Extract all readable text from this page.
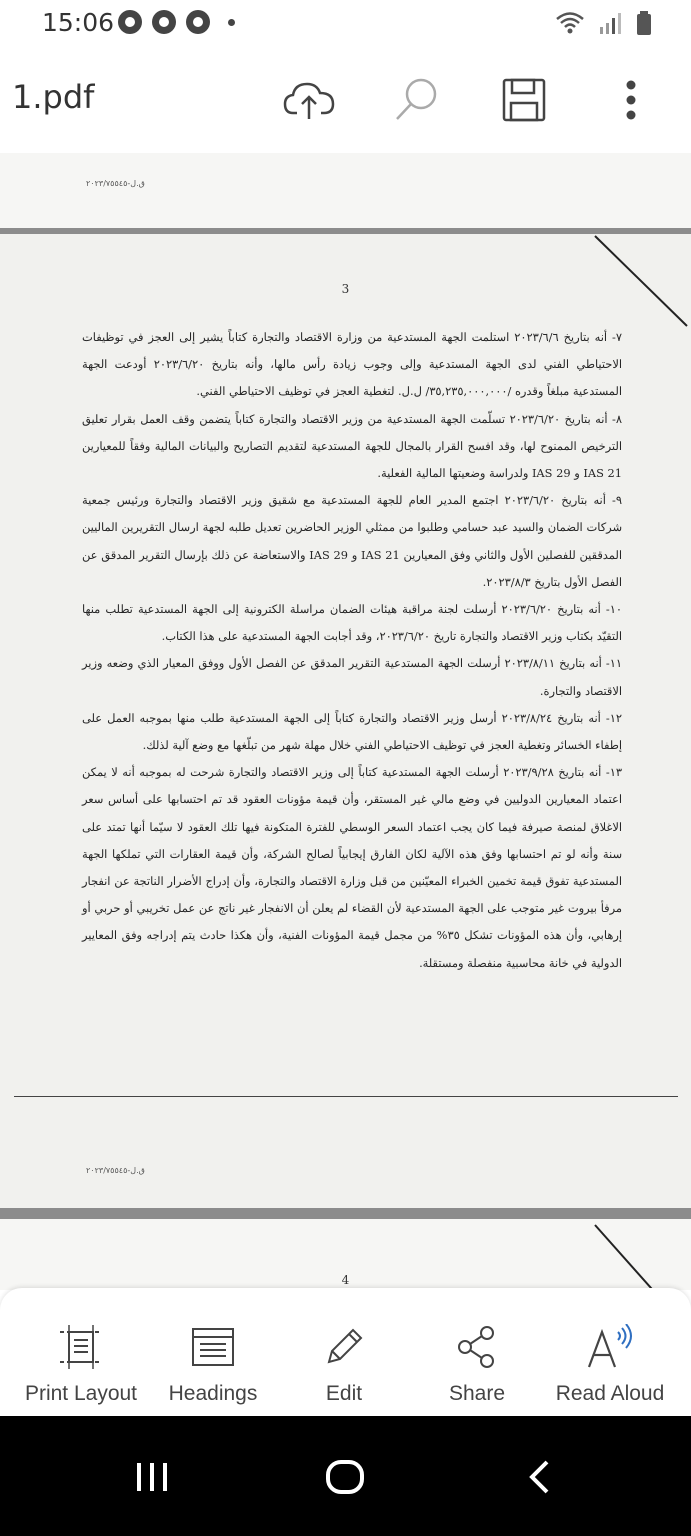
15:06
1.pdf
ق.ل-٢٠٢٣/٧٥٥٤٥
3

٧- أنه بتاريخ ٢٠٢٣/٦/٦ استلمت الجهة المستدعية من وزارة الاقتصاد والتجارة كتاباً يشير إلى العجز في توظيفات الاحتياطي الفني لدى الجهة المستدعية وإلى وجوب زيادة رأس مالها، وأنه بتاريخ ٢٠٢٣/٦/٢٠ أودعت الجهة المستدعية مبلغاً وقدره /٣٥,٢٣٥,٠٠٠,٠٠٠/ ل.ل. لتغطية العجز في توظيف الاحتياطي الفني.

٨- أنه بتاريخ ٢٠٢٣/٦/٢٠ تسلّمت الجهة المستدعية من وزير الاقتصاد والتجارة كتاباً يتضمن وقف العمل بقرار تعليق الترخيص الممنوح لها، وقد افسح القرار بالمجال للجهة المستدعية لتقديم التصاريح والبيانات المالية وفقاً للمعيارين IAS 21 و IAS 29 ولدراسة وضعيتها المالية الفعلية.

٩- أنه بتاريخ ٢٠٢٣/٦/٢٠ اجتمع المدير العام للجهة المستدعية مع شقيق وزير الاقتصاد والتجارة ورئيس جمعية شركات الضمان والسيد عبد حسامي وطلبوا من ممثلي الوزير الحاضرين تعديل طلبه لجهة ارسال التقريرين الماليين المدققين للفصلين الأول والثاني وفق المعيارين IAS 21 و IAS 29 والاستعاضة عن ذلك بإرسال التقرير المدقق عن الفصل الأول بتاريخ ٢٠٢٣/٨/٣.

١٠- أنه بتاريخ ٢٠٢٣/٦/٢٠ أرسلت لجنة مراقبة هيئات الضمان مراسلة الكترونية إلى الجهة المستدعية تطلب منها التقيّد بكتاب وزير الاقتصاد والتجارة تاريخ ٢٠٢٣/٦/٢٠، وقد أجابت الجهة المستدعية على هذا الكتاب.

١١- أنه بتاريخ ٢٠٢٣/٨/١١ أرسلت الجهة المستدعية التقرير المدقق عن الفصل الأول ووفق المعيار الذي وضعه وزير الاقتصاد والتجارة.

١٢- أنه بتاريخ ٢٠٢٣/٨/٢٤ أرسل وزير الاقتصاد والتجارة كتاباً إلى الجهة المستدعية طلب منها بموجبه العمل على إطفاء الخسائر وتغطية العجز في توظيف الاحتياطي الفني خلال مهلة شهر من تبلّغها مع وضع آلية لذلك.

١٣- أنه بتاريخ ٢٠٢٣/٩/٢٨ أرسلت الجهة المستدعية كتاباً إلى وزير الاقتصاد والتجارة شرحت له بموجبه أنه لا يمكن اعتماد المعيارين الدوليين في وضع مالي غير المستقر، وأن قيمة مؤونات العقود قد تم احتسابها على أساس سعر الاغلاق لمنصة صيرفة فيما كان يجب اعتماد السعر الوسطي للفترة المتكونة فيها تلك العقود لا سيّما أنها تمتد على سنة وأنه لو تم احتسابها وفق هذه الآلية لكان الفارق إيجابياً لصالح الشركة، وأن قيمة العقارات التي تملكها الجهة المستدعية تفوق قيمة تخمين الخبراء المعيّنين من قبل وزارة الاقتصاد والتجارة، وأن إدراج الأضرار الناتجة عن انفجار مرفأ بيروت غير متوجب على الجهة المستدعية لأن القضاء لم يعلن أن الانفجار غير ناتج عن عمل تخريبي أو حربي أو إرهابي، وأن هذه المؤونات تشكل ٣٥% من مجمل قيمة المؤونات الفنية، وأن هكذا حادث يتم إدراجه وفق المعايير الدولية في خانة محاسبية منفصلة ومستقلة.

ق.ل-٢٠٢٣/٧٥٥٤٥
4
Print Layout Headings	Edit	Share Read Aloud
